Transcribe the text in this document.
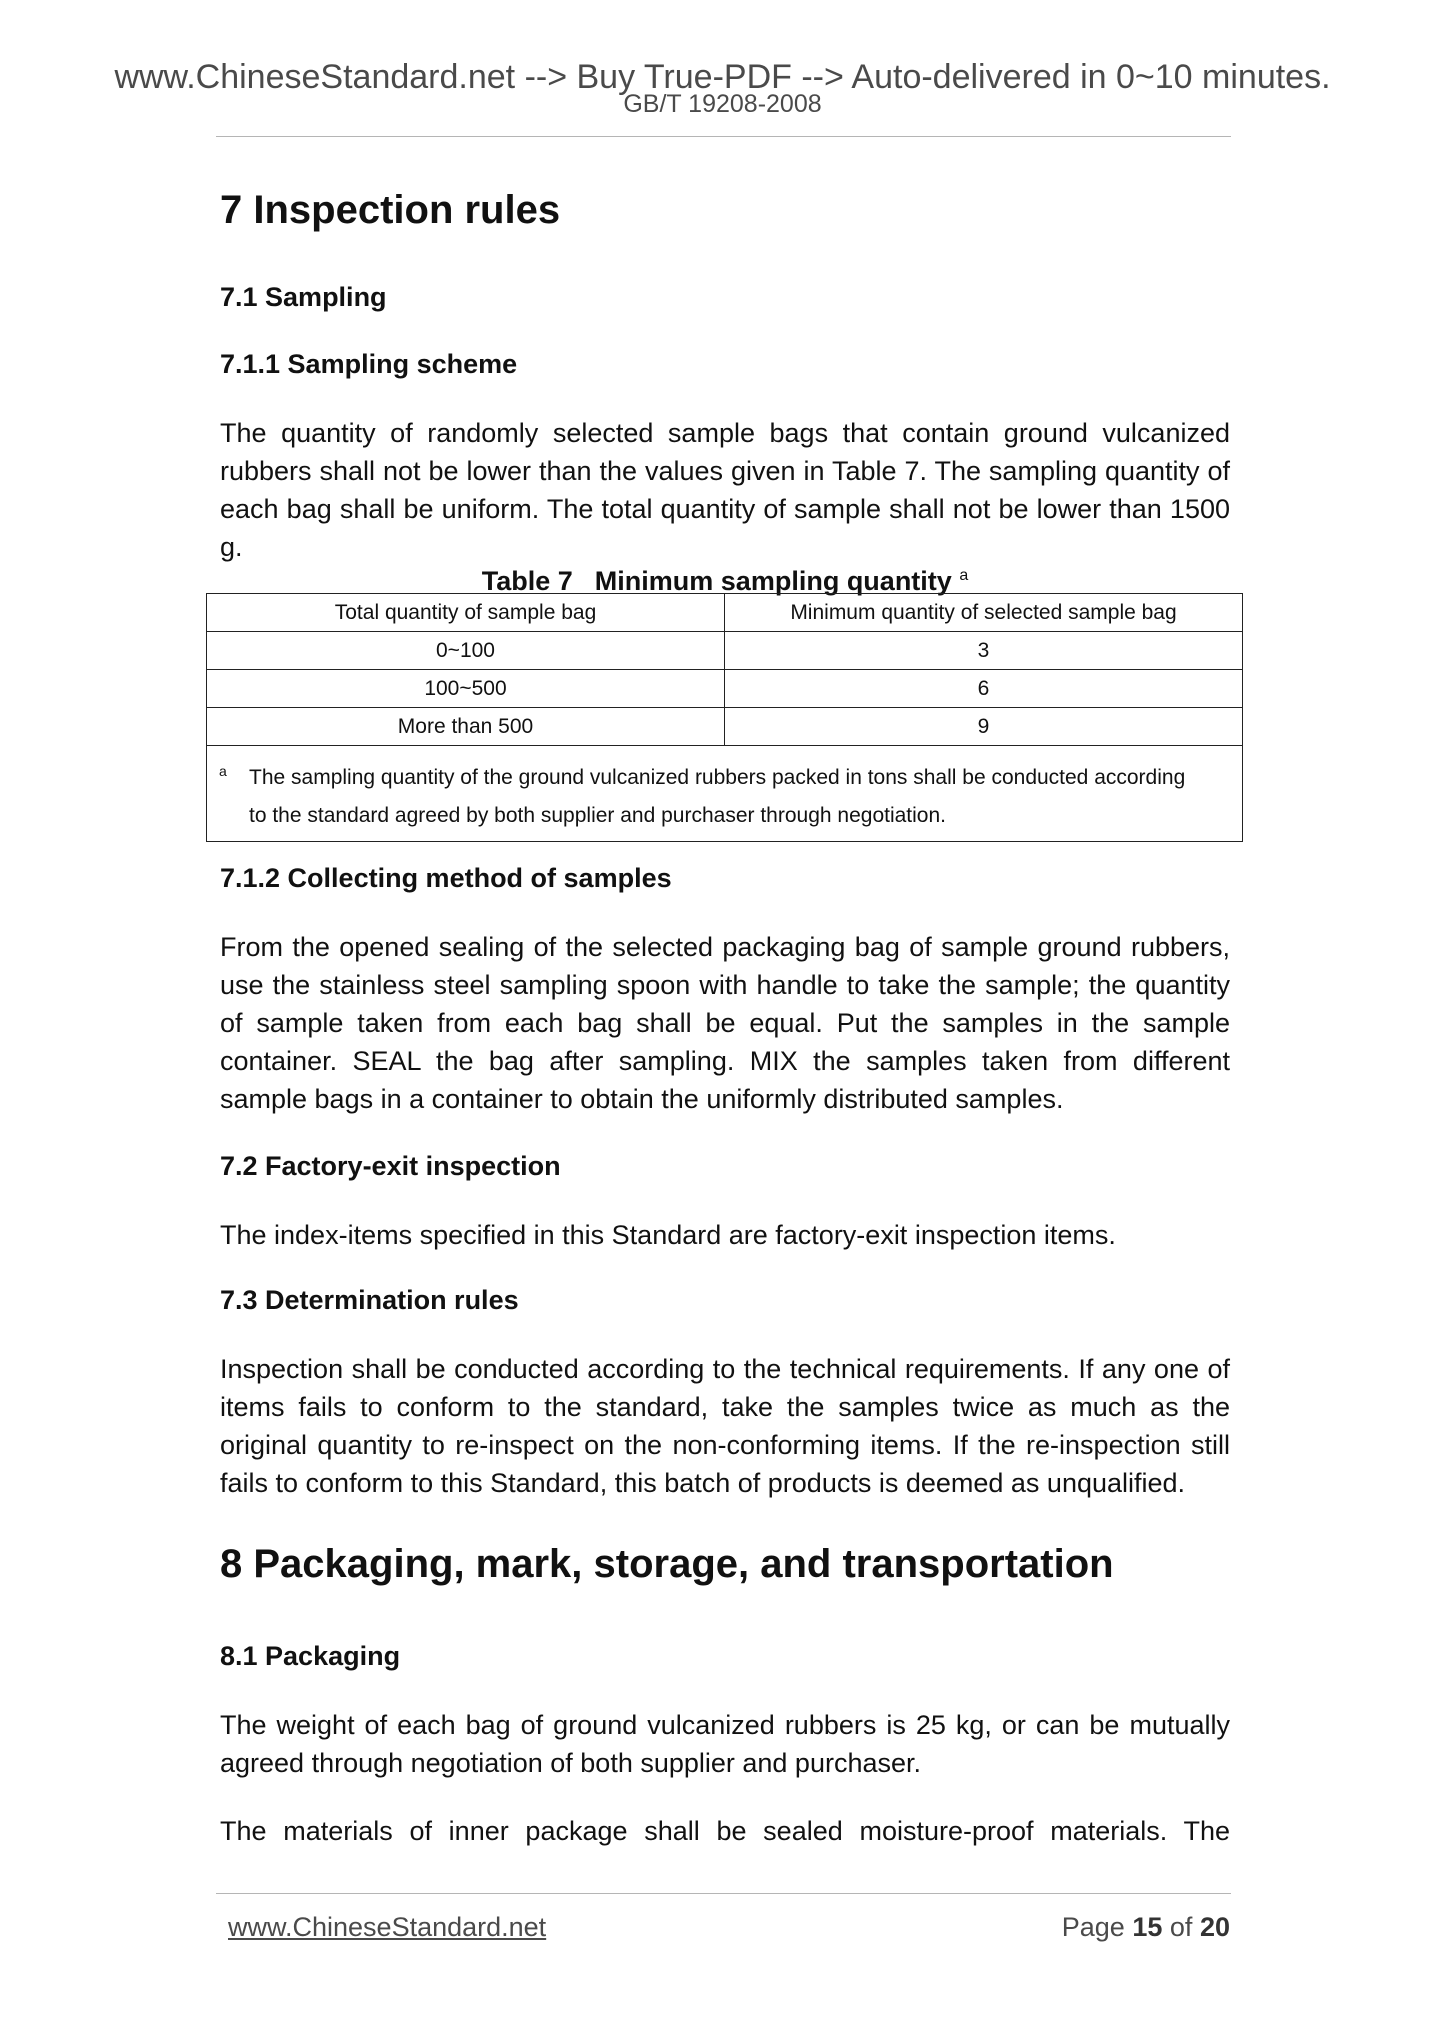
www.ChineseStandard.net --> Buy True-PDF --> Auto-delivered in 0~10 minutes.
GB/T 19208-2008
7 Inspection rules
7.1 Sampling
7.1.1 Sampling scheme
The quantity of randomly selected sample bags that contain ground vulcanized rubbers shall not be lower than the values given in Table 7. The sampling quantity of each bag shall be uniform. The total quantity of sample shall not be lower than 1500 g.
Table 7 Minimum sampling quantity $^a$
7.1.2 Collecting method of samples
From the opened sealing of the selected packaging bag of sample ground rubbers, use the stainless steel sampling spoon with handle to take the sample; the quantity of sample taken from each bag shall be equal. Put the samples in the sample container. SEAL the bag after sampling. MIX the samples taken from different sample bags in a container to obtain the uniformly distributed samples.
7.2 Factory-exit inspection
The index-items specified in this Standard are factory-exit inspection items.
7.3 Determination rules
Inspection shall be conducted according to the technical requirements. If any one of items fails to conform to the standard, take the samples twice as much as the original quantity to re-inspect on the non-conforming items. If the re-inspection still fails to conform to this Standard, this batch of products is deemed as unqualified.
8 Packaging, mark, storage, and transportation
8.1 Packaging
The weight of each bag of ground vulcanized rubbers is 25 kg, or can be mutually agreed through negotiation of both supplier and purchaser.
The materials of inner package shall be sealed moisture-proof materials. The
Total quantity of sample bag	Minimum quantity of selected sample bag
0~100	3
100~500	6
More than 500	9
a The sampling quantity of the ground vulcanized rubbers packed in tons shall be conducted according
to the standard agreed by both supplier and purchaser through negotiation.	
www.ChineseStandard.net	Page 15 of 20
